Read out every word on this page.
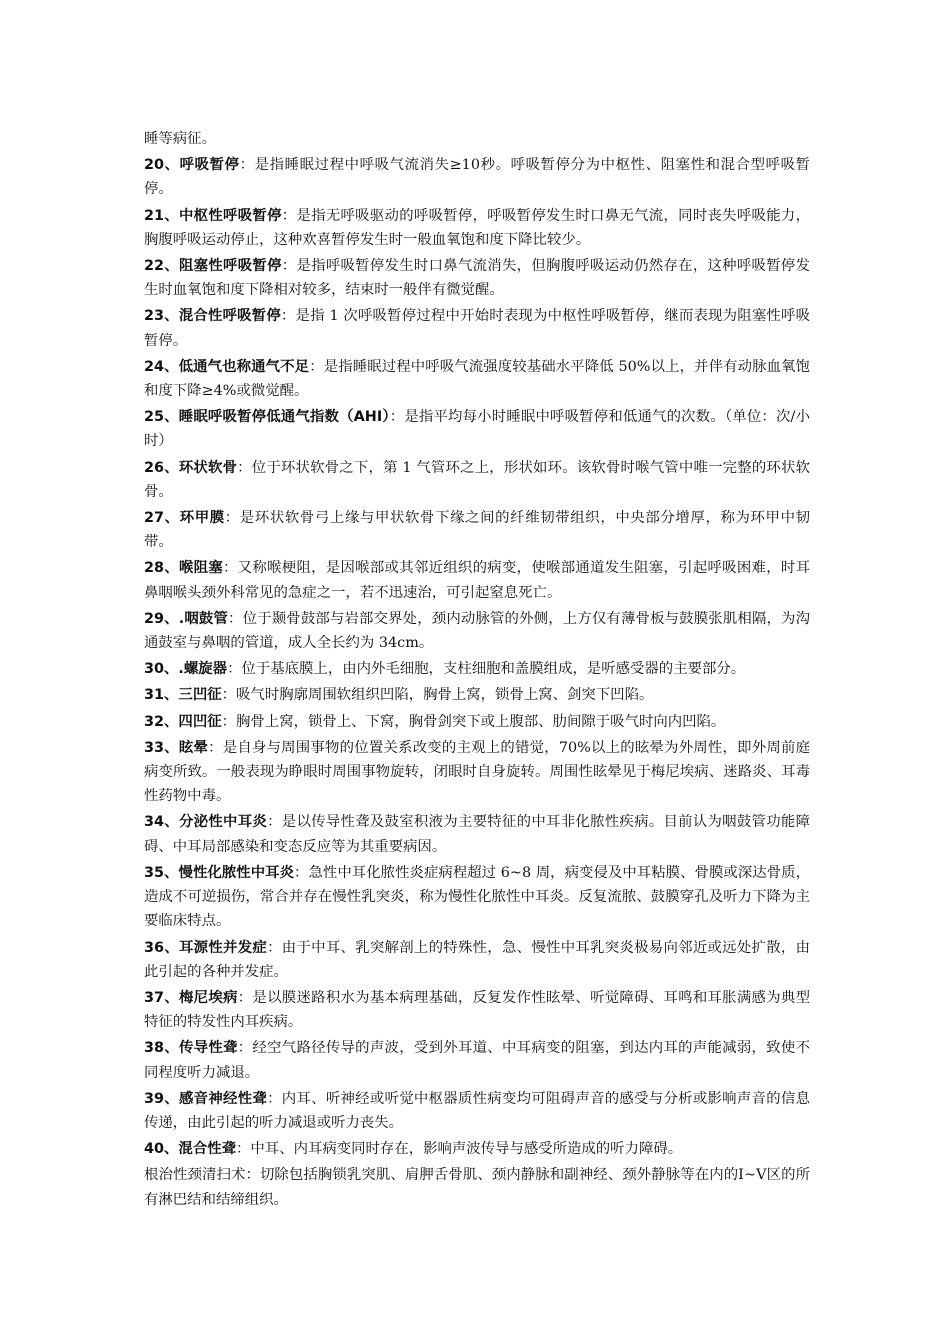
睡等病征。
20、呼吸暂停：是指睡眠过程中呼吸气流消失≥10秒。呼吸暂停分为中枢性、阻塞性和混合型呼吸暂停。
21、中枢性呼吸暂停：是指无呼吸驱动的呼吸暂停，呼吸暂停发生时口鼻无气流，同时丧失呼吸能力，胸腹呼吸运动停止，这种欢喜暂停发生时一般血氧饱和度下降比较少。
22、阻塞性呼吸暂停：是指呼吸暂停发生时口鼻气流消失，但胸腹呼吸运动仍然存在，这种呼吸暂停发生时血氧饱和度下降相对较多，结束时一般伴有微觉醒。
23、混合性呼吸暂停：是指 1 次呼吸暂停过程中开始时表现为中枢性呼吸暂停，继而表现为阻塞性呼吸暂停。
24、低通气也称通气不足：是指睡眠过程中呼吸气流强度较基础水平降低 50%以上，并伴有动脉血氧饱和度下降≥4%或微觉醒。
25、睡眠呼吸暂停低通气指数（AHI）：是指平均每小时睡眠中呼吸暂停和低通气的次数。（单位：次/小时）
26、环状软骨：位于环状软骨之下，第 1 气管环之上，形状如环。该软骨时喉气管中唯一完整的环状软骨。
27、环甲膜：是环状软骨弓上缘与甲状软骨下缘之间的纤维韧带组织，中央部分增厚，称为环甲中韧带。
28、喉阻塞：又称喉梗阻，是因喉部或其邻近组织的病变，使喉部通道发生阻塞，引起呼吸困难，时耳鼻咽喉头颈外科常见的急症之一，若不迅速治，可引起窒息死亡。
29、.咽鼓管：位于颞骨鼓部与岩部交界处，颈内动脉管的外侧，上方仅有薄骨板与鼓膜张肌相隔，为沟通鼓室与鼻咽的管道，成人全长约为 34cm。
30、.螺旋器：位于基底膜上，由内外毛细胞，支柱细胞和盖膜组成，是听感受器的主要部分。
31、三凹征：吸气时胸廓周围软组织凹陷，胸骨上窝，锁骨上窝、剑突下凹陷。
32、四凹征：胸骨上窝，锁骨上、下窝，胸骨剑突下或上腹部、肋间隙于吸气时向内凹陷。
33、眩晕：是自身与周围事物的位置关系改变的主观上的错觉，70%以上的眩晕为外周性，即外周前庭病变所致。一般表现为睁眼时周围事物旋转，闭眼时自身旋转。周围性眩晕见于梅尼埃病、迷路炎、耳毒性药物中毒。
34、分泌性中耳炎：是以传导性聋及鼓室积液为主要特征的中耳非化脓性疾病。目前认为咽鼓管功能障碍、中耳局部感染和变态反应等为其重要病因。
35、慢性化脓性中耳炎：急性中耳化脓性炎症病程超过 6~8 周，病变侵及中耳粘膜、骨膜或深达骨质，造成不可逆损伤，常合并存在慢性乳突炎，称为慢性化脓性中耳炎。反复流脓、鼓膜穿孔及听力下降为主要临床特点。
36、耳源性并发症：由于中耳、乳突解剖上的特殊性，急、慢性中耳乳突炎极易向邻近或远处扩散，由此引起的各种并发症。
37、梅尼埃病：是以膜迷路积水为基本病理基础，反复发作性眩晕、听觉障碍、耳鸣和耳胀满感为典型特征的特发性内耳疾病。
38、传导性聋：经空气路径传导的声波，受到外耳道、中耳病变的阻塞，到达内耳的声能减弱，致使不同程度听力减退。
39、感音神经性聋：内耳、听神经或听觉中枢器质性病变均可阻碍声音的感受与分析或影响声音的信息传递，由此引起的听力减退或听力丧失。
40、混合性聋：中耳、内耳病变同时存在，影响声波传导与感受所造成的听力障碍。
根治性颈清扫术：切除包括胸锁乳突肌、肩胛舌骨肌、颈内静脉和副神经、颈外静脉等在内的Ⅰ~Ⅴ区的所有淋巴结和结缔组织。
